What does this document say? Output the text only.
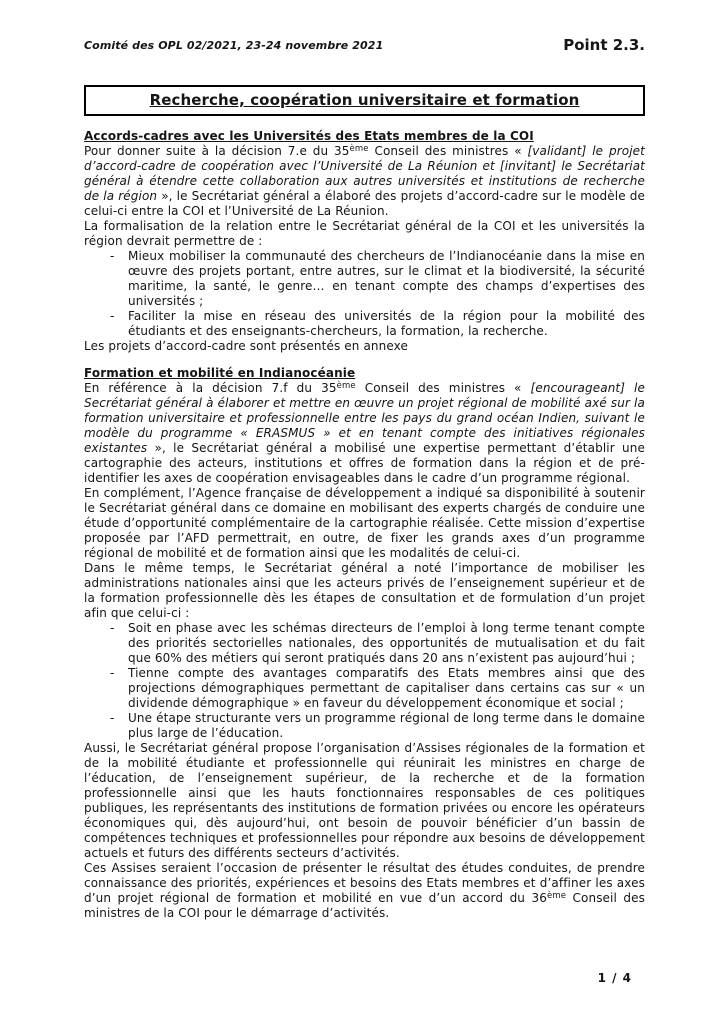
Comité des OPL 02/2021, 23-24 novembre 2021	Point 2.3.
Recherche, coopération universitaire et formation
Accords-cadres avec les Universités des Etats membres de la COI

Pour donner suite à la décision 7.e du 35ème Conseil des ministres « [validant] le projet d’accord-cadre de coopération avec l’Université de La Réunion et [invitant] le Secrétariat général à étendre cette collaboration aux autres universités et institutions de recherche de la région », le Secrétariat général a élaboré des projets d’accord-cadre sur le modèle de celui-ci entre la COI et l’Université de La Réunion.

La formalisation de la relation entre le Secrétariat général de la COI et les universités la région devrait permettre de :

- Mieux mobiliser la communauté des chercheurs de l’Indianocéanie dans la mise en œuvre des projets portant, entre autres, sur le climat et la biodiversité, la sécurité maritime, la santé, le genre… en tenant compte des champs d’expertises des universités ;
- Faciliter la mise en réseau des universités de la région pour la mobilité des étudiants et des enseignants-chercheurs, la formation, la recherche.

Les projets d’accord-cadre sont présentés en annexe

Formation et mobilité en Indianocéanie

En référence à la décision 7.f du 35ème Conseil des ministres « [encourageant] le Secrétariat général à élaborer et mettre en œuvre un projet régional de mobilité axé sur la formation universitaire et professionnelle entre les pays du grand océan Indien, suivant le modèle du programme « ERASMUS » et en tenant compte des initiatives régionales existantes », le Secrétariat général a mobilisé une expertise permettant d’établir une cartographie des acteurs, institutions et offres de formation dans la région et de pré-identifier les axes de coopération envisageables dans le cadre d’un programme régional.

En complément, l’Agence française de développement a indiqué sa disponibilité à soutenir le Secrétariat général dans ce domaine en mobilisant des experts chargés de conduire une étude d’opportunité complémentaire de la cartographie réalisée. Cette mission d’expertise proposée par l’AFD permettrait, en outre, de fixer les grands axes d’un programme régional de mobilité et de formation ainsi que les modalités de celui-ci.

Dans le même temps, le Secrétariat général a noté l’importance de mobiliser les administrations nationales ainsi que les acteurs privés de l’enseignement supérieur et de la formation professionnelle dès les étapes de consultation et de formulation d’un projet afin que celui-ci :

- Soit en phase avec les schémas directeurs de l’emploi à long terme tenant compte des priorités sectorielles nationales, des opportunités de mutualisation et du fait que 60% des métiers qui seront pratiqués dans 20 ans n’existent pas aujourd’hui ;
- Tienne compte des avantages comparatifs des Etats membres ainsi que des projections démographiques permettant de capitaliser dans certains cas sur « un dividende démographique » en faveur du développement économique et social ;
- Une étape structurante vers un programme régional de long terme dans le domaine plus large de l’éducation.

Aussi, le Secrétariat général propose l’organisation d’Assises régionales de la formation et de la mobilité étudiante et professionnelle qui réunirait les ministres en charge de l’éducation, de l’enseignement supérieur, de la recherche et de la formation professionnelle ainsi que les hauts fonctionnaires responsables de ces politiques publiques, les représentants des institutions de formation privées ou encore les opérateurs économiques qui, dès aujourd’hui, ont besoin de pouvoir bénéficier d’un bassin de compétences techniques et professionnelles pour répondre aux besoins de développement actuels et futurs des différents secteurs d’activités.

Ces Assises seraient l’occasion de présenter le résultat des études conduites, de prendre connaissance des priorités, expériences et besoins des Etats membres et d’affiner les axes d’un projet régional de formation et mobilité en vue d’un accord du 36ème Conseil des ministres de la COI pour le démarrage d’activités.

1 / 4
